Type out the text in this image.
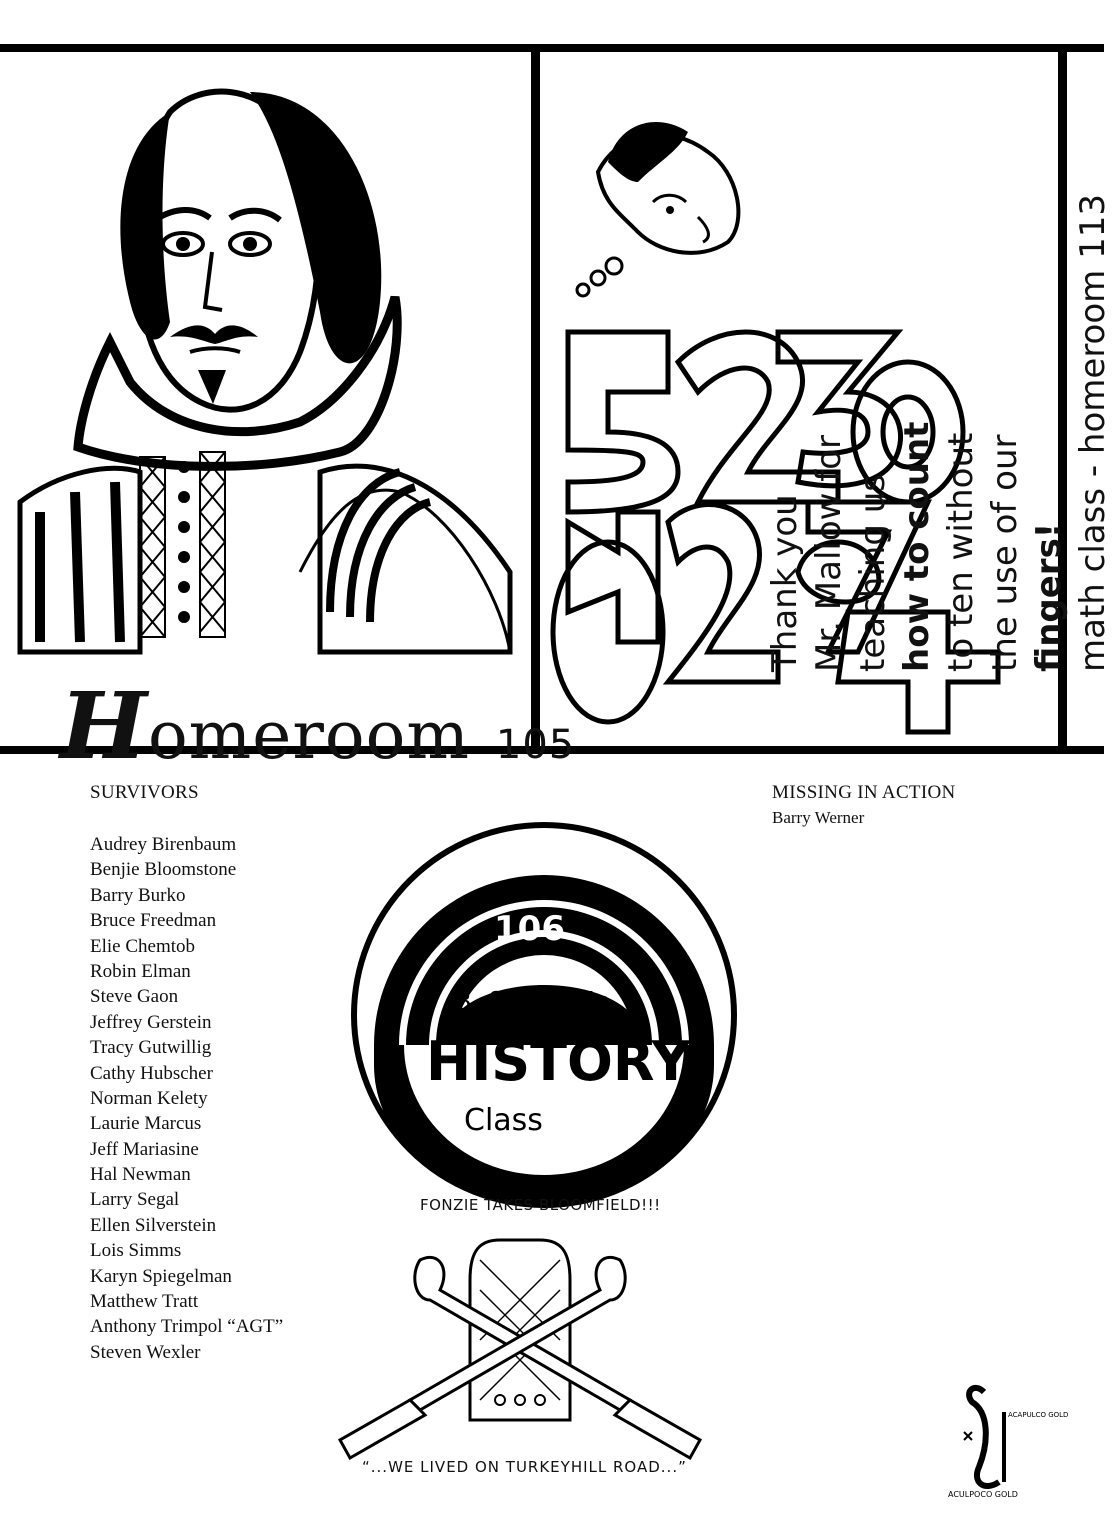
Homeroom 105
Thank you Mr. Mallow for teaching us how to count to ten without the use of our fingers! math class - homeroom 113
SURVIVORS
Audrey Birenbaum
Benjie Bloomstone
Barry Burko
Bruce Freedman
Elie Chemtob
Robin Elman
Steve Gaon
Jeffrey Gerstein
Tracy Gutwillig
Cathy Hubscher
Norman Kelety
Laurie Marcus
Jeff Mariasine
Hal Newman
Larry Segal
Ellen Silverstein
Lois Simms
Karyn Spiegelman
Matthew Tratt
Anthony Trimpol “AGT”
Steven Wexler
MISSING IN ACTION
Barry Werner
106
B. Spanier's
HISTORY
Class
FONZIE TAKES BLOOMFIELD!!!
“...WE LIVED ON TURKEYHILL ROAD...”
ACAPULCO GOLD
ACULPOCO GOLD
